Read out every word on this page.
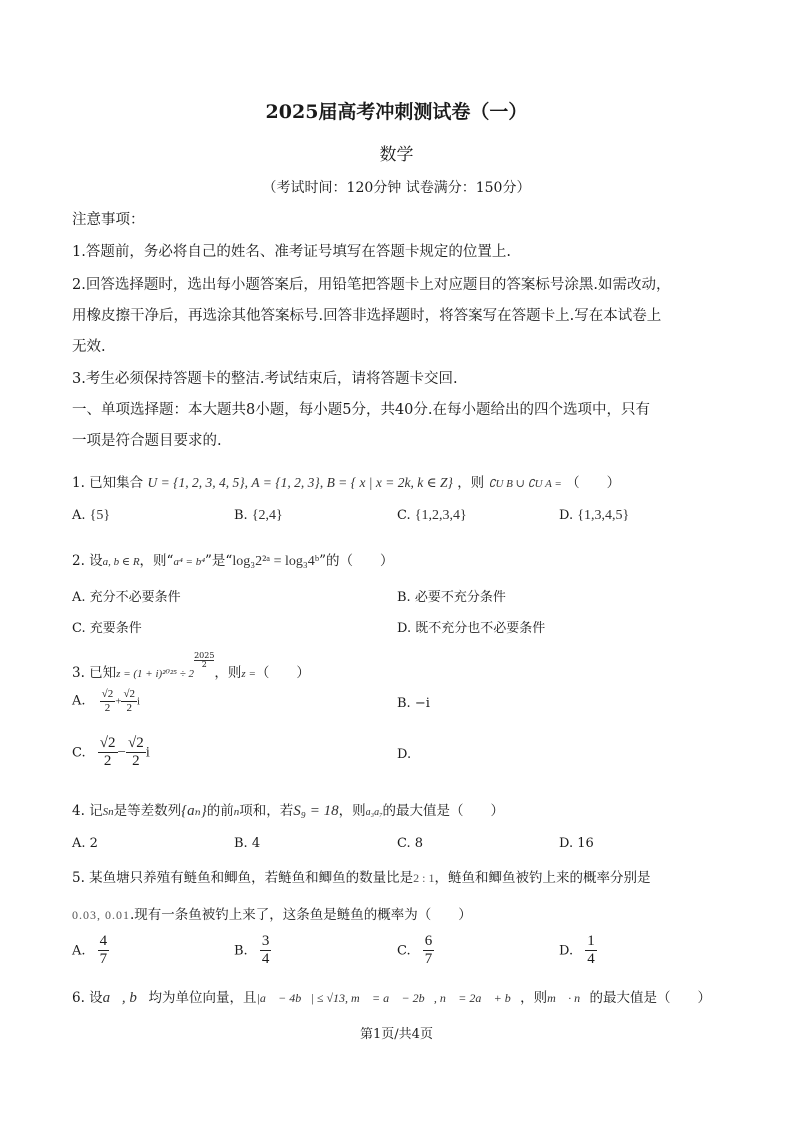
2025届高考冲刺测试卷（一）
数学
（考试时间：120分钟 试卷满分：150分）
注意事项：
1.答题前，务必将自己的姓名、准考证号填写在答题卡规定的位置上.
2.回答选择题时，选出每小题答案后，用铅笔把答题卡上对应题目的答案标号涂黑.如需改动，
用橡皮擦干净后，再选涂其他答案标号.回答非选择题时，将答案写在答题卡上.写在本试卷上
无效.
3.考生必须保持答题卡的整洁.考试结束后，请将答题卡交回.
一、单项选择题：本大题共8小题，每小题5分，共40分.在每小题给出的四个选项中，只有
一项是符合题目要求的.
1. 已知集合 U = {1, 2, 3, 4, 5}, A = {1, 2, 3}, B = { x | x = 2k, k ∈ Z} ，则 ∁U B ∪ ∁U A = （　　）
A. {5}	B. {2,4}	C. {1,2,3,4}	D. {1,3,4,5}
2. 设a, b ∈ R，则“a⁴ = b⁴”是“log₃2²ᵃ = log₃4ᵇ”的（　　）
A. 充分不必要条件	B. 必要不充分条件
C. 充要条件	D. 既不充分也不必要条件
3. 已知z = (1 + i)²⁰²⁵ ÷ 2
$\frac{2025}{2}$
，则z =（　　）
A. $\frac{√2}{2} + \frac{√2}{2}$ i	B. −i
C. $\frac{√2}{2} - \frac{√2}{2}$ i	D.
4. 记Sn是等差数列{aₙ}的前n项和，若S₉ = 18，则a₃a₇的最大值是（　　）
A. 2	B. 4	C. 8	D. 16
5. 某鱼塘只养殖有鲢鱼和鲫鱼，若鲢鱼和鲫鱼的数量比是2 : 1，鲢鱼和鲫鱼被钓上来的概率分别是
0.03, 0.01.现有一条鱼被钓上来了，这条鱼是鲢鱼的概率为（　　）
A. $\frac{4}{7}$	B. $\frac{3}{4}$	C. $\frac{6}{7}$	D. $\frac{1}{4}$
6. 设a⃗, b⃗均为单位向量，且|a⃗ − 4b⃗| ≤ √13, m⃗ = a⃗ − 2b⃗, n⃗ = 2a⃗ + b⃗，则m⃗ · n⃗的最大值是（　　）
第1页/共4页
